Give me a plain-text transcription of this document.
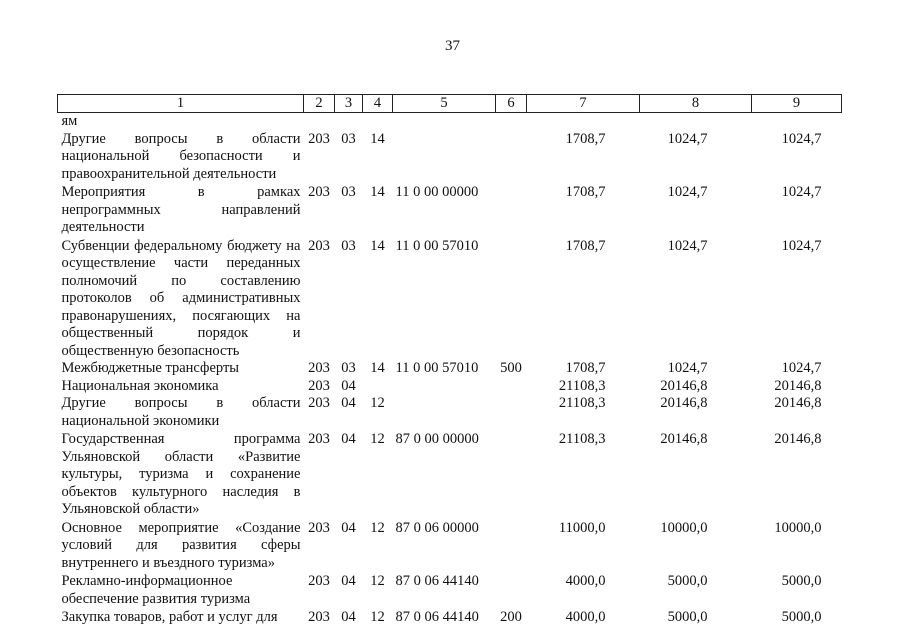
37
1	2	3	4	5	6	7	8	9
ям								
Другие вопросы в области национальной безопасности и правоохранительной деятельности	203	03	14			1708,7	1024,7	1024,7
Мероприятия в рамках непрограммных направлений деятельности	203	03	14	11 0 00 00000		1708,7	1024,7	1024,7
Субвенции федеральному бюджету на осуществление части переданных полномочий по составлению протоколов об административных правонарушениях, посягающих на общественный порядок и общественную безопасность	203	03	14	11 0 00 57010		1708,7	1024,7	1024,7
Межбюджетные трансферты	203	03	14	11 0 00 57010	500	1708,7	1024,7	1024,7
Национальная экономика	203	04				21108,3	20146,8	20146,8
Другие вопросы в области национальной экономики	203	04	12			21108,3	20146,8	20146,8
Государственная программа Ульяновской области «Развитие культуры, туризма и сохранение объектов культурного наследия в Ульяновской области»	203	04	12	87 0 00 00000		21108,3	20146,8	20146,8
Основное мероприятие «Создание условий для развития сферы внутреннего и въездного туризма»	203	04	12	87 0 06 00000		11000,0	10000,0	10000,0
Рекламно-информационное обеспечение развития туризма	203	04	12	87 0 06 44140		4000,0	5000,0	5000,0
Закупка товаров, работ и услуг для	203	04	12	87 0 06 44140	200	4000,0	5000,0	5000,0
